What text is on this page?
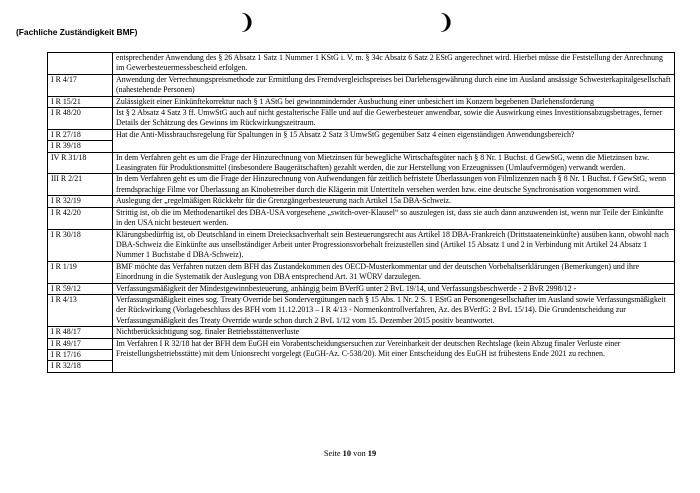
(Fachliche Zuständigkeit BMF)	❩	❩
	entsprechender Anwendung des § 26 Absatz 1 Satz 1 Nummer 1 KStG i. V. m. § 34c Absatz 6 Satz 2 EStG angerechnet wird. Hierbei müsse die Feststellung der Anrechnung im Gewerbesteuermessbescheid erfolgen.
I R 4/17	Anwendung der Verrechnungspreismethode zur Ermittlung des Fremdvergleichspreises bei Darlehensgewährung durch eine im Ausland ansässige Schwesterkapitalgesellschaft (nahestehende Personen)
I R 15/21	Zulässigkeit einer Einkünftekorrektur nach § 1 AStG bei gewinnmindernder Ausbuchung einer unbesichert im Konzern begebenen Darlehensforderung
I R 48/20	Ist § 2 Absatz 4 Satz 3 ff. UmwStG auch auf nicht gestalterische Fälle und auf die Gewerbesteuer anwendbar, sowie die Auswirkung eines Investitionsabzugsbetrages, ferner Details der Schätzung des Gewinns im Rückwirkungszeitraum.
I R 27/18	Hat die Anti-Missbrauchsregelung für Spaltungen in § 15 Absatz 2 Satz 3 UmwStG gegenüber Satz 4 einen eigenständigen Anwendungsbereich?
I R 39/18	
IV R 31/18	In dem Verfahren geht es um die Frage der Hinzurechnung von Mietzinsen für bewegliche Wirtschaftsgüter nach § 8 Nr. 1 Buchst. d GewStG, wenn die Mietzinsen bzw. Leasingraten für Produktionsmittel (insbesondere Baugerätschaften) gezahlt werden, die zur Herstellung von Erzeugnissen (Umlaufvermögen) verwandt werden.
III R 2/21	In dem Verfahren geht es um die Frage der Hinzurechnung von Aufwendungen für zeitlich befristete Überlassungen von Filmlizenzen nach § 8 Nr. 1 Buchst. f GewStG, wenn fremdsprachige Filme vor Überlassung an Kinobetreiber durch die Klägerin mit Untertiteln versehen werden bzw. eine deutsche Synchronisation vorgenommen wird.
I R 32/19	Auslegung der „regelmäßigen Rückkehr für die Grenzgängerbesteuerung nach Artikel 15a DBA-Schweiz.
I R 42/20	Strittig ist, ob die im Methodenartikel des DBA-USA vorgesehene „switch-over-Klausel“ so auszulegen ist, dass sie auch dann anzuwenden ist, wenn nur Teile der Einkünfte in den USA nicht besteuert werden.
I R 30/18	Klärungsbedürftig ist, ob Deutschland in einem Dreiecksachverhalt sein Besteuerungsrecht aus Artikel 18 DBA-Frankreich (Drittstaateneinkünfte) ausüben kann, obwohl nach DBA-Schweiz die Einkünfte aus unselbständiger Arbeit unter Progressionsvorbehalt freizustellen sind (Artikel 15 Absatz 1 und 2 in Verbindung mit Artikel 24 Absatz 1 Nummer 1 Buchstabe d DBA-Schweiz).
I R 1/19	BMF möchte das Verfahren nutzen dem BFH das Zustandekommen des OECD-Musterkommentar und der deutschen Vorbehaltserklärungen (Bemerkungen) und ihre Einordnung in die Systematik der Auslegung von DBA entsprechend Art. 31 WÜRV darzulegen.
I R 59/12	Verfassungsmäßigkeit der Mindestgewinnbesteuerung, anhängig beim BVerfG unter 2 BvL 19/14, und Verfassungsbeschwerde - 2 BvR 2998/12 -
I R 4/13	Verfassungsmäßigkeit eines sog. Treaty Override bei Sondervergütungen nach § 15 Abs. 1 Nr. 2 S. 1 EStG an Personengesellschafter im Ausland sowie Verfassungsmäßigkeit der Rückwirkung (Vorlagebeschluss des BFH vom 11.12.2013 – I R 4/13 - Normenkontrollverfahren, Az. des BVerfG: 2 BvL 15/14). Die Grundentscheidung zur Verfassungsmäßigkeit des Treaty Override wurde schon durch 2 BvL 1/12 vom 15. Dezember 2015 positiv beantwortet.
I R 48/17	Nichtberücksichtigung sog. finaler Betriebsstättenverluste
I R 49/17	Im Verfahren I R 32/18 hat der BFH dem EuGH ein Vorabentscheidungsersuchen zur Vereinbarkeit der deutschen Rechtslage (kein Abzug finaler Verluste einer Freistellungsbetriebsstätte) mit dem Unionsrecht vorgelegt (EuGH-Az. C-538/20). Mit einer Entscheidung des EuGH ist frühestens Ende 2021 zu rechnen.
I R 17/16	
I R 32/18	
Seite 10 von 19
